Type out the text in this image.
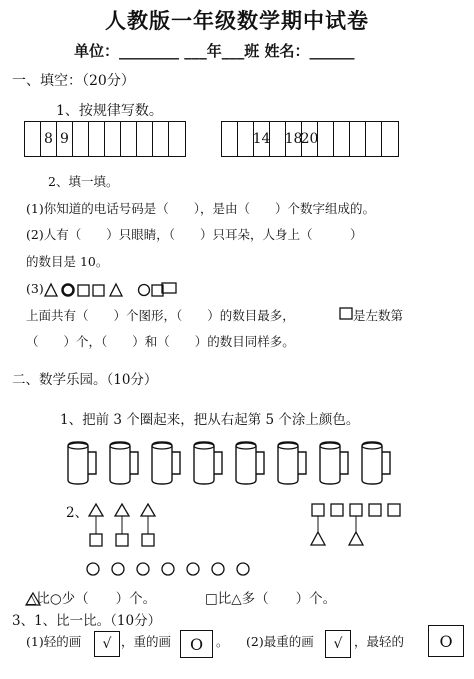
人教版一年级数学期中试卷
单位：________ ___年___班 姓名：______
一、填空：（20分）
1、按规律写数。
8 9	14 18
20
2、填一填。
(1)你知道的电话号码是（　　），是由（　　）个数字组成的。
(2)人有（　　）只眼睛，（　　）只耳朵，人身上（　　　）
的数目是 10。
(3)
上面共有（　　）个图形，（　　）的数目最多，	是左数第
（　　）个，（　　）和（　　）的数目同样多。
二、数学乐园。（10分）
1、把前 3 个圈起来，把从右起第 5 个涂上颜色。
2、
△比○少（　　）个。	□比△多（　　）个。
3、1、比一比。（10分）
(1)轻的画	√ ，重的画	O	。 (2)最重的画	√ ，最轻的	O
